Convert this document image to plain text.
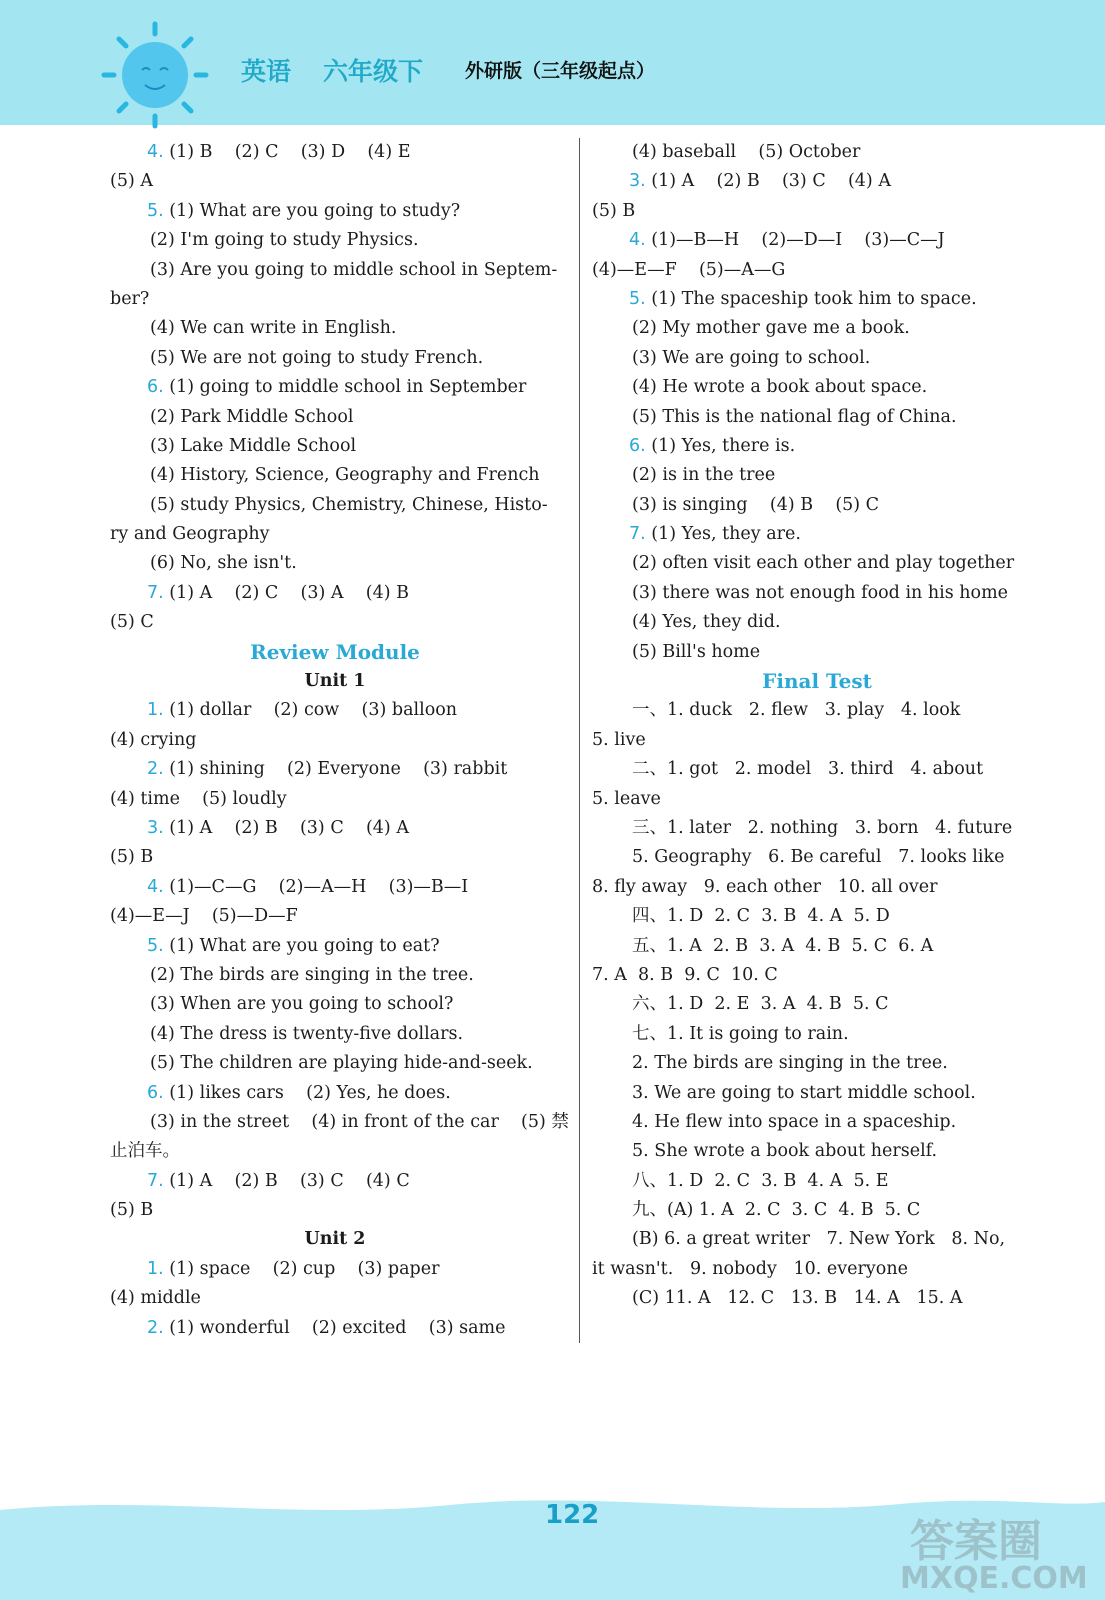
英语 六年级下 外研版（三年级起点）
4. (1) B    (2) C    (3) D    (4) E
(5) A
5. (1) What are you going to study?
(2) I'm going to study Physics.
(3) Are you going to middle school in Septem-
ber?
(4) We can write in English.
(5) We are not going to study French.
6. (1) going to middle school in September
(2) Park Middle School
(3) Lake Middle School
(4) History, Science, Geography and French
(5) study Physics, Chemistry, Chinese, Histo-
ry and Geography
(6) No, she isn't.
7. (1) A    (2) C    (3) A    (4) B
(5) C
Review Module
Unit 1
1. (1) dollar    (2) cow    (3) balloon
(4) crying
2. (1) shining    (2) Everyone    (3) rabbit
(4) time    (5) loudly
3. (1) A    (2) B    (3) C    (4) A
(5) B
4. (1)—C—G    (2)—A—H    (3)—B—I
(4)—E—J    (5)—D—F
5. (1) What are you going to eat?
(2) The birds are singing in the tree.
(3) When are you going to school?
(4) The dress is twenty-five dollars.
(5) The children are playing hide-and-seek.
6. (1) likes cars    (2) Yes, he does.
(3) in the street    (4) in front of the car    (5) 禁
止泊车。
7. (1) A    (2) B    (3) C    (4) C
(5) B
Unit 2
1. (1) space    (2) cup    (3) paper
(4) middle
2. (1) wonderful    (2) excited    (3) same
(4) baseball    (5) October
3. (1) A    (2) B    (3) C    (4) A
(5) B
4. (1)—B—H    (2)—D—I    (3)—C—J
(4)—E—F    (5)—A—G
5. (1) The spaceship took him to space.
(2) My mother gave me a book.
(3) We are going to school.
(4) He wrote a book about space.
(5) This is the national flag of China.
6. (1) Yes, there is.
(2) is in the tree
(3) is singing    (4) B    (5) C
7. (1) Yes, they are.
(2) often visit each other and play together
(3) there was not enough food in his home
(4) Yes, they did.
(5) Bill's home
Final Test
一、1. duck   2. flew   3. play   4. look
5. live
二、1. got   2. model   3. third   4. about
5. leave
三、1. later   2. nothing   3. born   4. future
5. Geography   6. Be careful   7. looks like
8. fly away   9. each other   10. all over
四、1. D  2. C  3. B  4. A  5. D
五、1. A  2. B  3. A  4. B  5. C  6. A
7. A  8. B  9. C  10. C
六、1. D  2. E  3. A  4. B  5. C
七、1. It is going to rain.
2. The birds are singing in the tree.
3. We are going to start middle school.
4. He flew into space in a spaceship.
5. She wrote a book about herself.
八、1. D  2. C  3. B  4. A  5. E
九、(A) 1. A  2. C  3. C  4. B  5. C
(B) 6. a great writer   7. New York   8. No,
it wasn't.   9. nobody   10. everyone
(C) 11. A   12. C   13. B   14. A   15. A
122
答案圈
MXQE.COM
